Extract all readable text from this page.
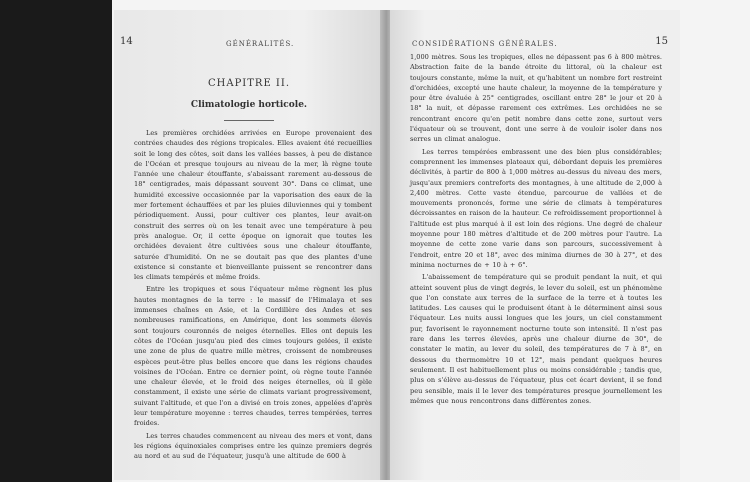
14	GÉNÉRALITÉS.
CHAPITRE II.
Climatologie horticole.

Les premières orchidées arrivées en Europe provenaient des contrées chaudes des régions tropicales. Elles avaient été recueillies soit le long des côtes, soit dans les vallées basses, à peu de distance de l'Océan et presque toujours au niveau de la mer, là règne toute l'année une chaleur étouffante, s'abaissant rarement au-dessous de 18° centigrades, mais dépassant souvent 30°. Dans ce climat, une humidité excessive occasionnée par la vaporisation des eaux de la mer fortement échauffées et par les pluies diluviennes qui y tombent périodiquement. Aussi, pour cultiver ces plantes, leur avait-on construit des serres où on les tenait avec une température à peu près analogue. Or, il cette époque on ignorait que toutes les orchidées devaient être cultivées sous une chaleur étouffante, saturée d'humidité. On ne se doutait pas que des plantes d'une existence si constante et bienveillante puissent se rencontrer dans les climats tempérés et même froids.

Entre les tropiques et sous l'équateur même règnent les plus hautes montagnes de la terre : le massif de l'Himalaya et ses immenses chaînes en Asie, et la Cordillère des Andes et ses nombreuses ramifications, en Amérique, dont les sommets élevés sont toujours couronnés de neiges éternelles. Elles ont depuis les côtes de l'Océan jusqu'au pied des cimes toujours gelées, il existe une zone de plus de quatre mille mètres, croissent de nombreuses espèces peut-être plus belles encore que dans les régions chaudes voisines de l'Océan. Entre ce dernier point, où règne toute l'année une chaleur élevée, et le froid des neiges éternelles, où il gèle constamment, il existe une série de climats variant progressivement, suivant l'altitude, et que l'on a divisé en trois zones, appelées d'après leur température moyenne : terres chaudes, terres tempérées, terres froides.

Les terres chaudes commencent au niveau des mers et vont, dans les régions équinoxiales comprises entre les quinze premiers degrés au nord et au sud de l'équateur, jusqu'à une altitude de 600 à

CONSIDÉRATIONS GÉNÉRALES.	15

1,000 mètres. Sous les tropiques, elles ne dépassent pas 6 à 800 mètres. Abstraction faite de la bande étroite du littoral, où la chaleur est toujours constante, même la nuit, et qu'habitent un nombre fort restreint d'orchidées, excepté une haute chaleur, la moyenne de la température y pour être évaluée à 25° centigrades, oscillant entre 28° le jour et 20 à 18° la nuit, et dépasse rarement ces extrêmes. Les orchidées ne se rencontrant encore qu'en petit nombre dans cette zone, surtout vers l'équateur où se trouvent, dont une serre à de vouloir isoler dans nos serres un climat analogue.

Les terres tempérées embrassent une des bien plus considérables; comprennent les immenses plateaux qui, débordant depuis les premières déclivités, à partir de 800 à 1,000 mètres au-dessus du niveau des mers, jusqu'aux premiers contreforts des montagnes, à une altitude de 2,000 à 2,400 mètres. Cette vaste étendue, parcourue de vallées et de mouvements prononcés, forme une série de climats à températures décroissantes en raison de la hauteur. Ce refroidissement proportionnel à l'altitude est plus marqué à il est loin des régions. Une degré de chaleur moyenne pour 180 mètres d'altitude et de 200 mètres pour l'autre. La moyenne de cette zone varie dans son parcours, successivement à l'endroit, entre 20 et 18°, avec des minima diurnes de 30 à 27°, et des minima nocturnes de + 10 à + 6°.

L'abaissement de température qui se produit pendant la nuit, et qui atteint souvent plus de vingt degrés, le lever du soleil, est un phénomène que l'on constate aux terres de la surface de la terre et à toutes les latitudes. Les causes qui le produisent étant à le déterminent ainsi sous l'équateur. Les nuits aussi longues que les jours, un ciel constamment pur, favorisent le rayonnement nocturne toute son intensité. Il n'est pas rare dans les terres élevées, après une chaleur diurne de 30°, de constater le matin, au lever du soleil, des températures de 7 à 8°, en dessous du thermomètre 10 et 12°, mais pendant quelques heures seulement. Il est habituellement plus ou moins considérable ; tandis que, plus on s'élève au-dessus de l'équateur, plus cet écart devient, il se fond peu sensible, mais il le lever des températures presque journellement les mêmes que nous rencontrons dans différentes zones.
